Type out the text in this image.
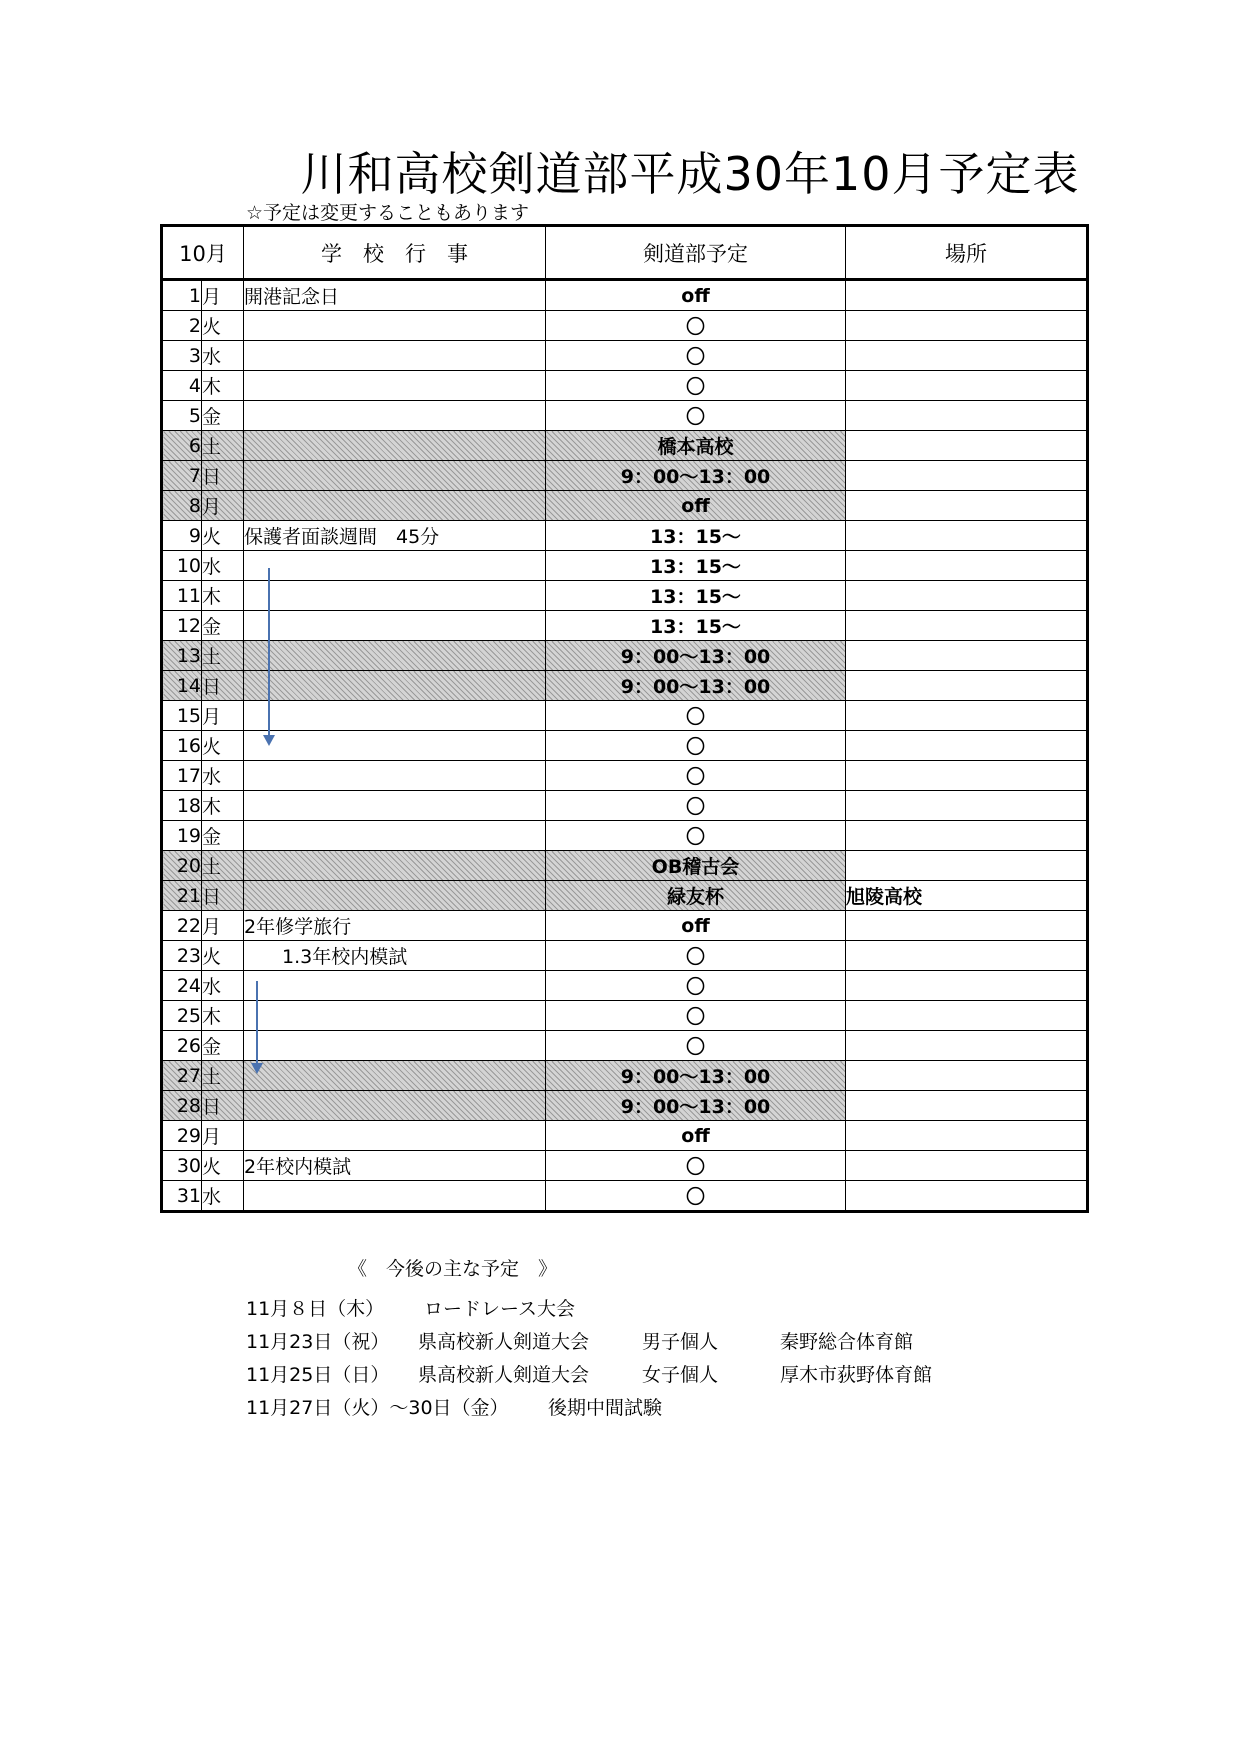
川和高校剣道部平成30年10月予定表
☆予定は変更することもあります
10月		学　校　行　事	剣道部予定	場所
1	月	開港記念日	off	
2	火		〇	
3	水		〇	
4	木		〇	
5	金		〇	
6	土		橋本高校	
7	日		9：00～13：00	
8	月		off	
9	火	保護者面談週間　45分	13：15～	
10	水		13：15～	
11	木		13：15～	
12	金		13：15～	
13	土		9：00～13：00	
14	日		9：00～13：00	
15	月		〇	
16	火		〇	
17	水		〇	
18	木		〇	
19	金		〇	
20	土		OB稽古会	
21	日		緑友杯	旭陵高校
22	月	2年修学旅行	off	
23	火	　　1.3年校内模試	〇	
24	水		〇	
25	木		〇	
26	金		〇	
27	土		9：00～13：00	
28	日		9：00～13：00	
29	月		off	
30	火	2年校内模試	〇	
31	水		〇	
《　今後の主な予定　》
11月８日（木） ロードレース大会
11月23日（祝） 県高校新人剣道大会	男子個人	秦野総合体育館
11月25日（日） 県高校新人剣道大会	女子個人	厚木市荻野体育館
11月27日（火）～30日（金） 後期中間試験
